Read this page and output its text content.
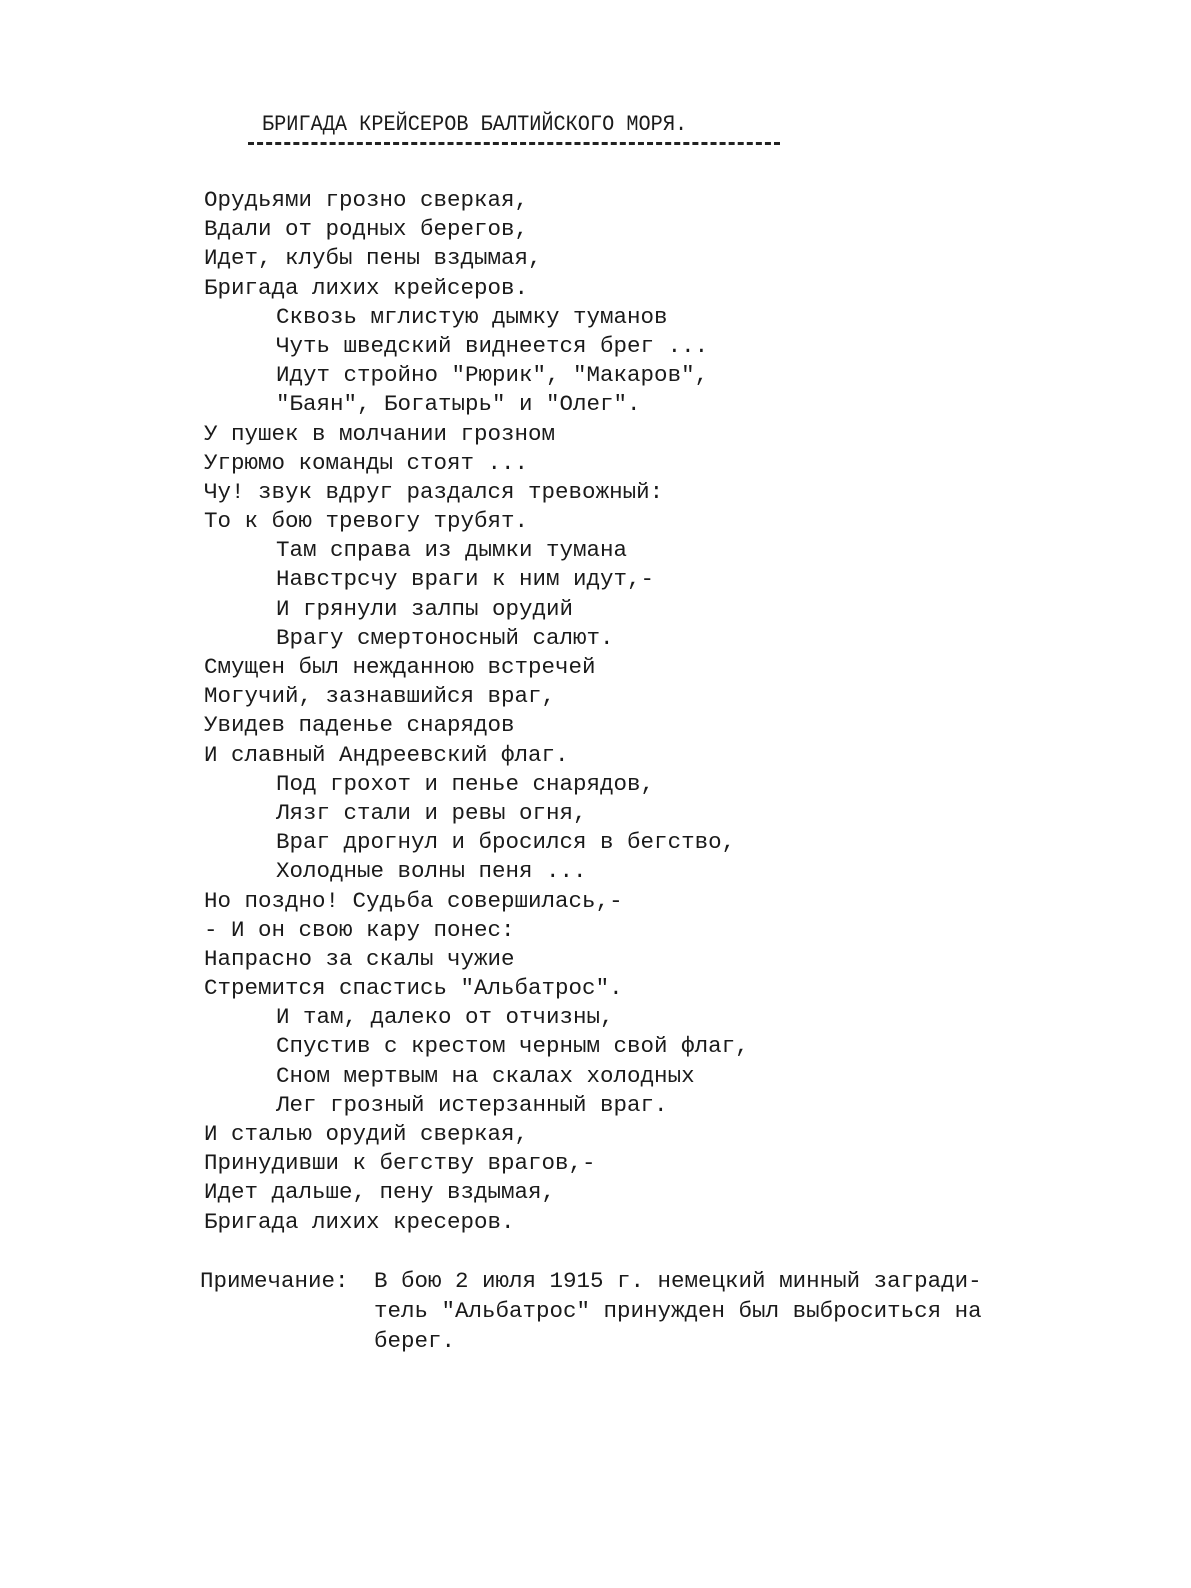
БРИГАДА КРЕЙСЕРОВ БАЛТИЙСКОГО МОРЯ.
Орудьями грозно сверкая,
Вдали от родных берегов,
Идет, клубы пены вздымая,
Бригада лихих крейсеров.
Сквозь мглистую дымку туманов
Чуть шведский виднеется брег ...
Идут стройно "Рюрик", "Макаров",
"Баян", Богатырь" и "Олег".
У пушек в молчании грозном
Угрюмо команды стоят ...
Чу! звук вдруг раздался тревожный:
То к бою тревогу трубят.
Там справа из дымки тумана
Навстрсчу враги к ним идут,-
И грянули залпы орудий
Врагу смертоносный салют.
Смущен был нежданною встречей
Могучий, зазнавшийся враг,
Увидев паденье снарядов
И славный Андреевский флаг.
Под грохот и пенье снарядов,
Лязг стали и ревы огня,
Враг дрогнул и бросился в бегство,
Холодные волны пеня ...
Но поздно! Судьба совершилась,-
- И он свою кару понес:
Напрасно за скалы чужие
Стремится спастись "Альбатрос".
И там, далеко от отчизны,
Спустив с крестом черным свой флаг,
Сном мертвым на скалах холодных
Лег грозный истерзанный враг.
И сталью орудий сверкая,
Принудивши к бегству врагов,-
Идет дальше, пену вздымая,
Бригада лихих кресеров.
Примечание: В бою 2 июля 1915 г. немецкий минный загради-
тель "Альбатрос" принужден был выброситься на
берег.
